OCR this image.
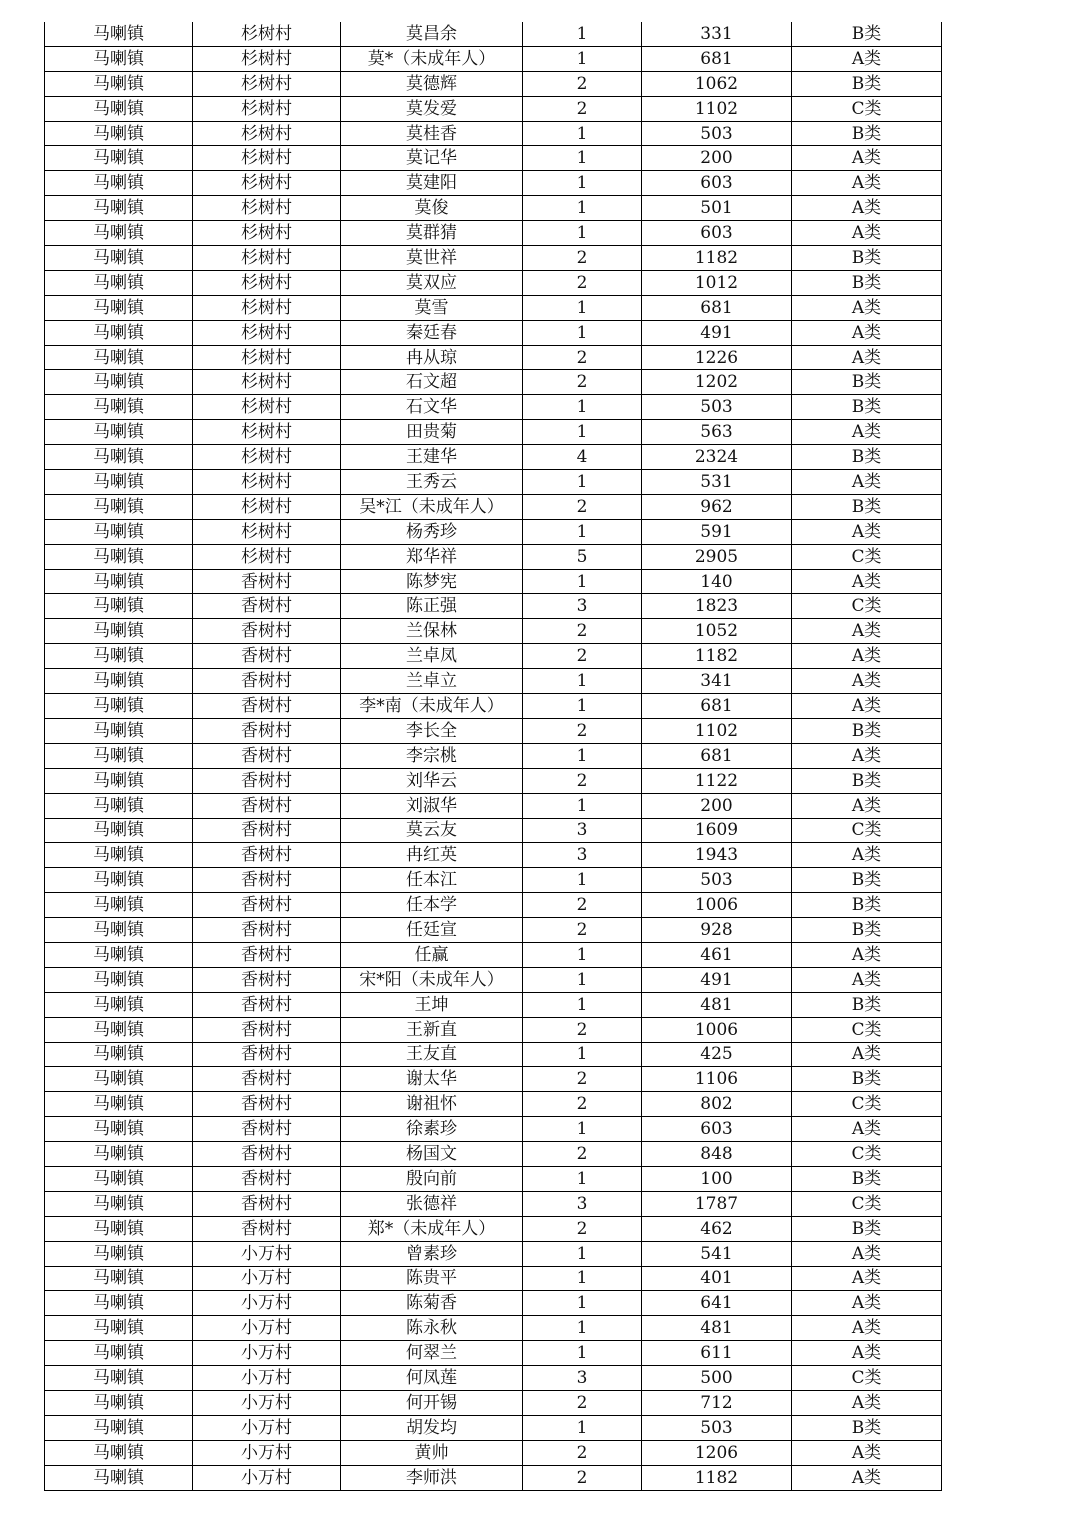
马喇镇	杉树村	莫昌余	1	331	B类
马喇镇	杉树村	莫*（未成年人）	1	681	A类
马喇镇	杉树村	莫德辉	2	1062	B类
马喇镇	杉树村	莫发爱	2	1102	C类
马喇镇	杉树村	莫桂香	1	503	B类
马喇镇	杉树村	莫记华	1	200	A类
马喇镇	杉树村	莫建阳	1	603	A类
马喇镇	杉树村	莫俊	1	501	A类
马喇镇	杉树村	莫群猜	1	603	A类
马喇镇	杉树村	莫世祥	2	1182	B类
马喇镇	杉树村	莫双应	2	1012	B类
马喇镇	杉树村	莫雪	1	681	A类
马喇镇	杉树村	秦廷春	1	491	A类
马喇镇	杉树村	冉从琼	2	1226	A类
马喇镇	杉树村	石文超	2	1202	B类
马喇镇	杉树村	石文华	1	503	B类
马喇镇	杉树村	田贵菊	1	563	A类
马喇镇	杉树村	王建华	4	2324	B类
马喇镇	杉树村	王秀云	1	531	A类
马喇镇	杉树村	吴*江（未成年人）	2	962	B类
马喇镇	杉树村	杨秀珍	1	591	A类
马喇镇	杉树村	郑华祥	5	2905	C类
马喇镇	香树村	陈梦宪	1	140	A类
马喇镇	香树村	陈正强	3	1823	C类
马喇镇	香树村	兰保林	2	1052	A类
马喇镇	香树村	兰卓凤	2	1182	A类
马喇镇	香树村	兰卓立	1	341	A类
马喇镇	香树村	李*南（未成年人）	1	681	A类
马喇镇	香树村	李长全	2	1102	B类
马喇镇	香树村	李宗桃	1	681	A类
马喇镇	香树村	刘华云	2	1122	B类
马喇镇	香树村	刘淑华	1	200	A类
马喇镇	香树村	莫云友	3	1609	C类
马喇镇	香树村	冉红英	3	1943	A类
马喇镇	香树村	任本江	1	503	B类
马喇镇	香树村	任本学	2	1006	B类
马喇镇	香树村	任廷宣	2	928	B类
马喇镇	香树村	任赢	1	461	A类
马喇镇	香树村	宋*阳（未成年人）	1	491	A类
马喇镇	香树村	王坤	1	481	B类
马喇镇	香树村	王新直	2	1006	C类
马喇镇	香树村	王友直	1	425	A类
马喇镇	香树村	谢太华	2	1106	B类
马喇镇	香树村	谢祖怀	2	802	C类
马喇镇	香树村	徐素珍	1	603	A类
马喇镇	香树村	杨国文	2	848	C类
马喇镇	香树村	殷向前	1	100	B类
马喇镇	香树村	张德祥	3	1787	C类
马喇镇	香树村	郑*（未成年人）	2	462	B类
马喇镇	小万村	曾素珍	1	541	A类
马喇镇	小万村	陈贵平	1	401	A类
马喇镇	小万村	陈菊香	1	641	A类
马喇镇	小万村	陈永秋	1	481	A类
马喇镇	小万村	何翠兰	1	611	A类
马喇镇	小万村	何凤莲	3	500	C类
马喇镇	小万村	何开锡	2	712	A类
马喇镇	小万村	胡发均	1	503	B类
马喇镇	小万村	黄帅	2	1206	A类
马喇镇	小万村	李师洪	2	1182	A类
